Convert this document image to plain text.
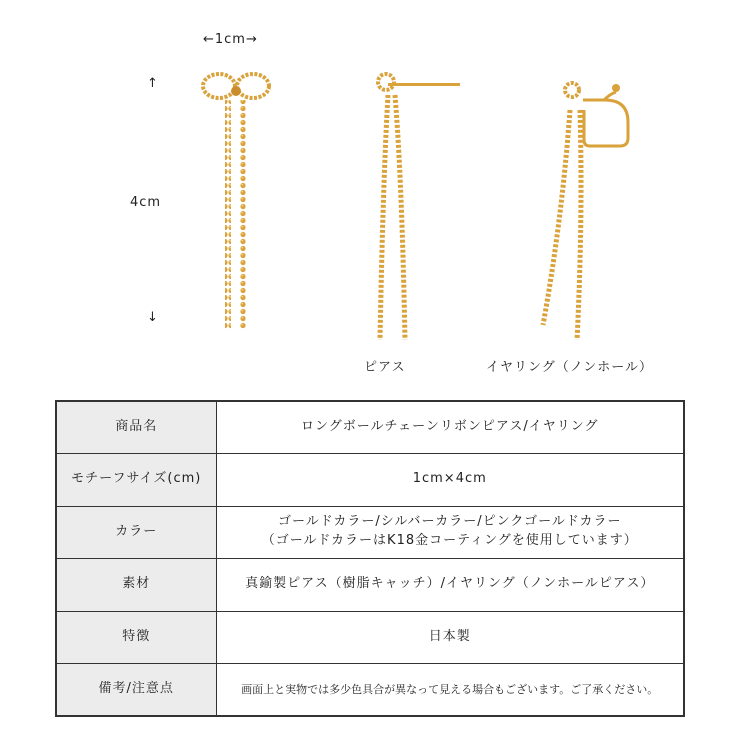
←1cm→
↑
4cm
↓
ピアス	イヤリング（ノンホール）
商品名	ロングボールチェーンリボンピアス/イヤリング
モチーフサイズ(cm)	1cm×4cm
カラー	ゴールドカラー/シルバーカラー/ピンクゴールドカラー
（ゴールドカラーはK18金コーティングを使用しています）

素材	真鍮製ピアス（樹脂キャッチ）/イヤリング（ノンホールピアス）
特徴	日本製
備考/注意点	画面上と実物では多少色具合が異なって見える場合もございます。ご了承ください。
